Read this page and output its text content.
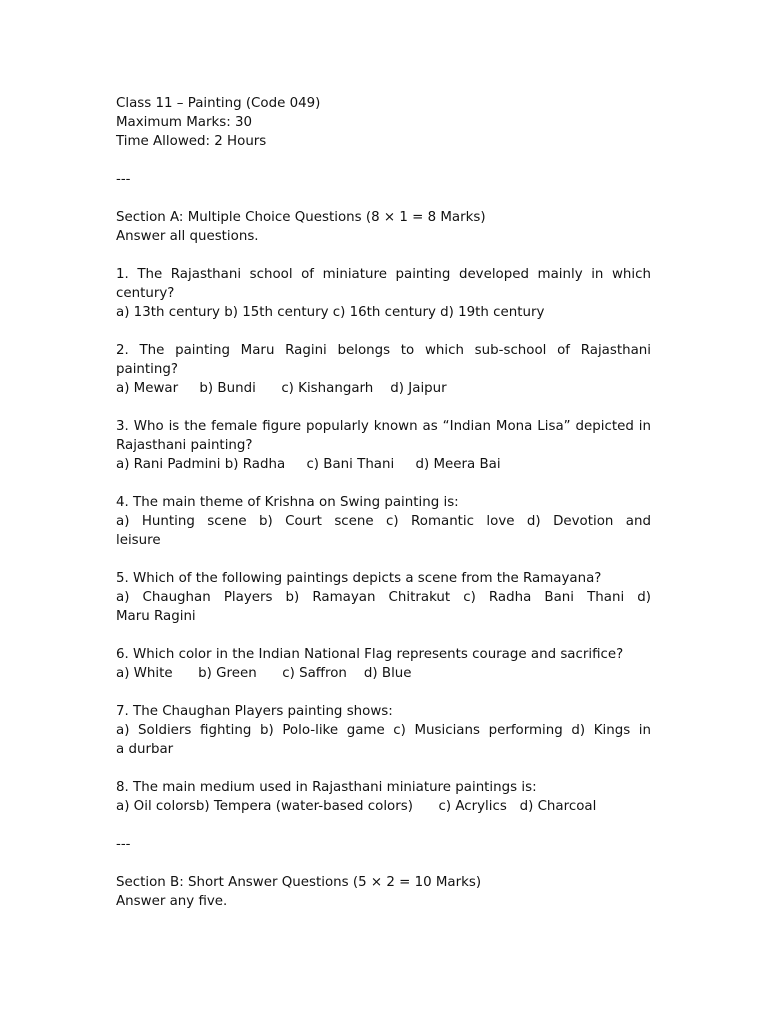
Class 11 – Painting (Code 049)
Maximum Marks: 30
Time Allowed: 2 Hours
---
Section A: Multiple Choice Questions (8 × 1 = 8 Marks)
Answer all questions.
1. The Rajasthani school of miniature painting developed mainly in which
century?
a) 13th century b) 15th century c) 16th century d) 19th century
2. The painting Maru Ragini belongs to which sub-school of Rajasthani
painting?
a) Mewar     b) Bundi      c) Kishangarh    d) Jaipur
3. Who is the female figure popularly known as “Indian Mona Lisa” depicted in
Rajasthani painting?
a) Rani Padmini b) Radha     c) Bani Thani     d) Meera Bai
4. The main theme of Krishna on Swing painting is:
a) Hunting scene b) Court scene c) Romantic love d) Devotion and
leisure
5. Which of the following paintings depicts a scene from the Ramayana?
a) Chaughan Players b) Ramayan Chitrakut c) Radha Bani Thani d)
Maru Ragini
6. Which color in the Indian National Flag represents courage and sacrifice?
a) White      b) Green      c) Saffron    d) Blue
7. The Chaughan Players painting shows:
a) Soldiers fighting b) Polo-like game c) Musicians performing d) Kings in
a durbar
8. The main medium used in Rajasthani miniature paintings is:
a) Oil colorsb) Tempera (water-based colors)      c) Acrylics   d) Charcoal
---
Section B: Short Answer Questions (5 × 2 = 10 Marks)
Answer any five.
